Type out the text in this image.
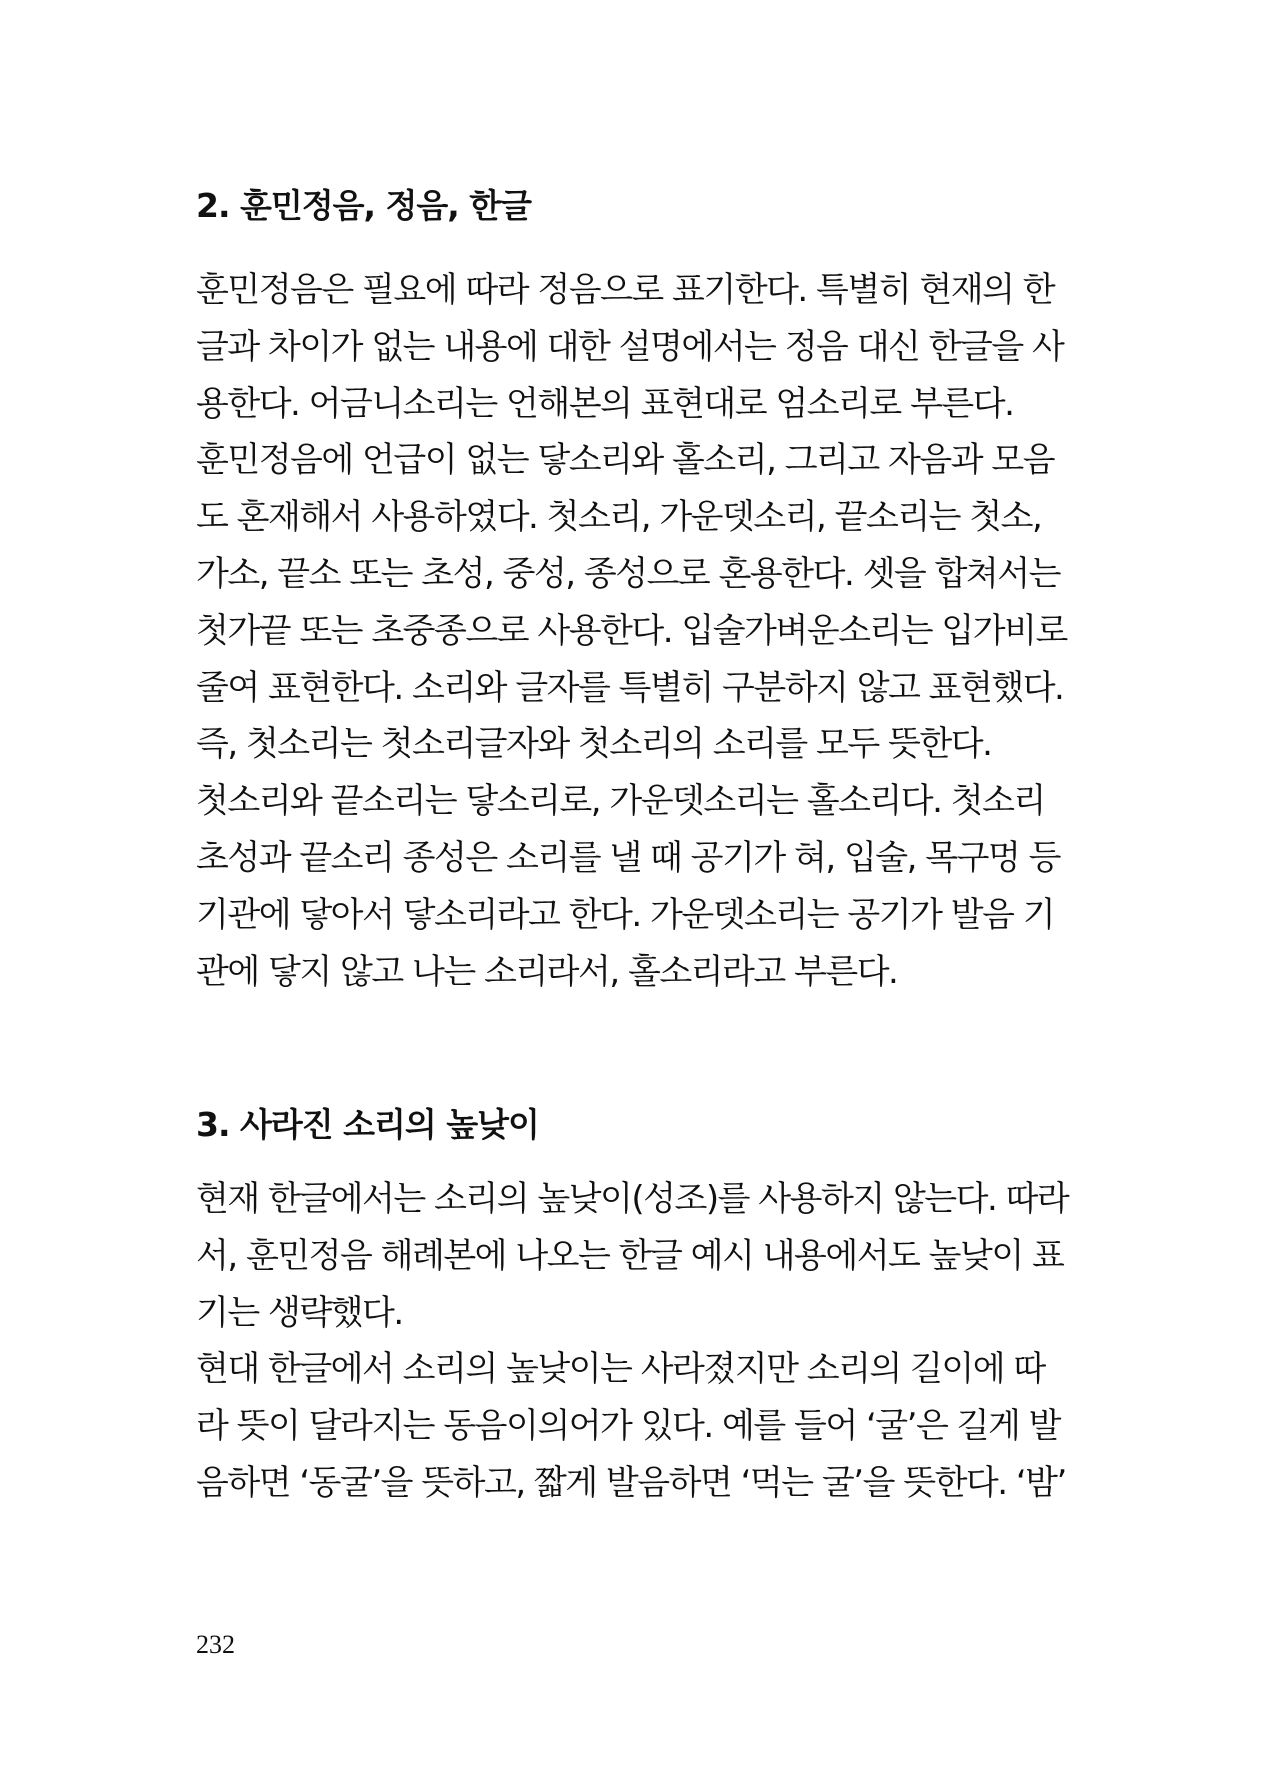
2. 훈민정음, 정음, 한글
훈민정음은 필요에 따라 정음으로 표기한다. 특별히 현재의 한
글과 차이가 없는 내용에 대한 설명에서는 정음 대신 한글을 사
용한다. 어금니소리는 언해본의 표현대로 엄소리로 부른다.
훈민정음에 언급이 없는 닿소리와 홀소리, 그리고 자음과 모음
도 혼재해서 사용하였다. 첫소리, 가운뎃소리, 끝소리는 첫소,
가소, 끝소 또는 초성, 중성, 종성으로 혼용한다. 셋을 합쳐서는
첫가끝 또는 초중종으로 사용한다. 입술가벼운소리는 입가비로
줄여 표현한다. 소리와 글자를 특별히 구분하지 않고 표현했다.
즉, 첫소리는 첫소리글자와 첫소리의 소리를 모두 뜻한다.
첫소리와 끝소리는 닿소리로, 가운뎃소리는 홀소리다. 첫소리
초성과 끝소리 종성은 소리를 낼 때 공기가 혀, 입술, 목구멍 등
기관에 닿아서 닿소리라고 한다. 가운뎃소리는 공기가 발음 기
관에 닿지 않고 나는 소리라서, 홀소리라고 부른다.
3. 사라진 소리의 높낮이
현재 한글에서는 소리의 높낮이(성조)를 사용하지 않는다. 따라
서, 훈민정음 해례본에 나오는 한글 예시 내용에서도 높낮이 표
기는 생략했다.
현대 한글에서 소리의 높낮이는 사라졌지만 소리의 길이에 따
라 뜻이 달라지는 동음이의어가 있다. 예를 들어 ‘굴’은 길게 발
음하면 ‘동굴’을 뜻하고, 짧게 발음하면 ‘먹는 굴’을 뜻한다. ‘밤’
232
